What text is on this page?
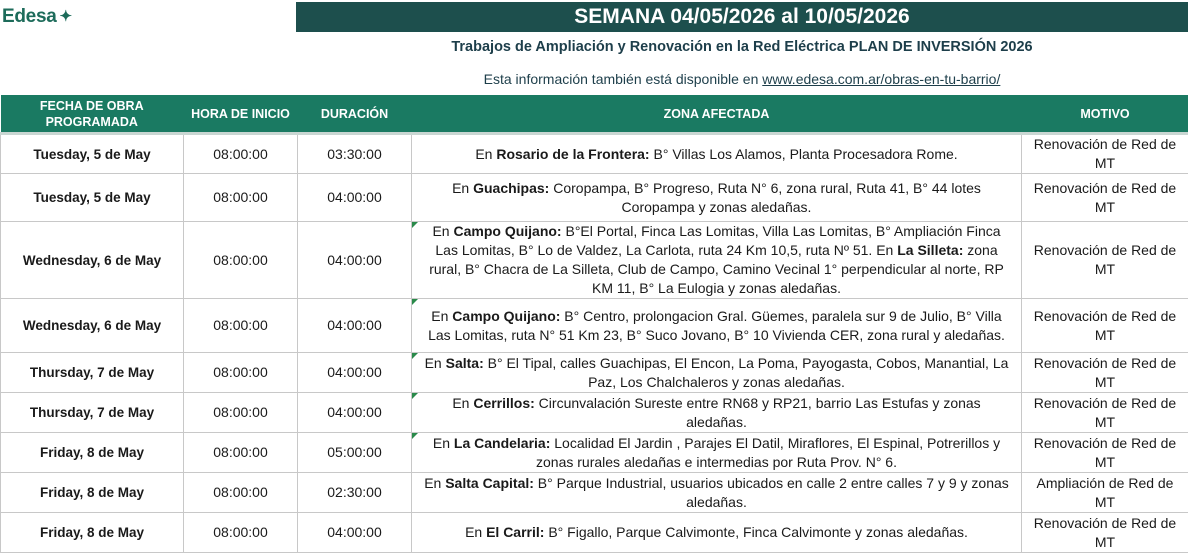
Edesa ✦	SEMANA 04/05/2026 al 10/05/2026
Trabajos de Ampliación y Renovación en la Red Eléctrica PLAN DE INVERSIÓN 2026
Esta información también está disponible en www.edesa.com.ar/obras-en-tu-barrio/
FECHA DE OBRA PROGRAMADA	HORA DE INICIO	DURACIÓN	ZONA AFECTADA	MOTIVO
Tuesday, 5 de May	08:00:00	03:30:00	En Rosario de la Frontera: B° Villas Los Alamos, Planta Procesadora Rome.	Renovación de Red de MT
Tuesday, 5 de May	08:00:00	04:00:00	En Guachipas: Coropampa, B° Progreso, Ruta N° 6, zona rural, Ruta 41, B° 44 lotes Coropampa y zonas aledañas.	Renovación de Red de MT
Wednesday, 6 de May	08:00:00	04:00:00	En Campo Quijano: B°El Portal, Finca Las Lomitas, Villa Las Lomitas, B° Ampliación Finca Las Lomitas, B° Lo de Valdez, La Carlota, ruta 24 Km 10,5, ruta Nº 51. En La Silleta: zona rural, B° Chacra de La Silleta, Club de Campo, Camino Vecinal 1° perpendicular al norte, RP KM 11, B° La Eulogia y zonas aledañas.	Renovación de Red de MT
Wednesday, 6 de May	08:00:00	04:00:00	En Campo Quijano: B° Centro, prolongacion Gral. Güemes, paralela sur 9 de Julio, B° Villa Las Lomitas, ruta N° 51 Km 23, B° Suco Jovano, B° 10 Vivienda CER, zona rural y aledañas.	Renovación de Red de MT
Thursday, 7 de May	08:00:00	04:00:00	En Salta: B° El Tipal, calles Guachipas, El Encon, La Poma, Payogasta, Cobos, Manantial, La Paz, Los Chalchaleros y zonas aledañas.	Renovación de Red de MT
Thursday, 7 de May	08:00:00	04:00:00	En Cerrillos: Circunvalación Sureste entre RN68 y RP21, barrio Las Estufas y zonas aledañas.	Renovación de Red de MT
Friday, 8 de May	08:00:00	05:00:00	En La Candelaria: Localidad El Jardin , Parajes El Datil, Miraflores, El Espinal, Potrerillos y zonas rurales aledañas e intermedias por Ruta Prov. N° 6.	Renovación de Red de MT
Friday, 8 de May	08:00:00	02:30:00	En Salta Capital: B° Parque Industrial, usuarios ubicados en calle 2 entre calles 7 y 9 y zonas aledañas.	Ampliación de Red de MT
Friday, 8 de May	08:00:00	04:00:00	En El Carril: B° Figallo, Parque Calvimonte, Finca Calvimonte y zonas aledañas.	Renovación de Red de MT
